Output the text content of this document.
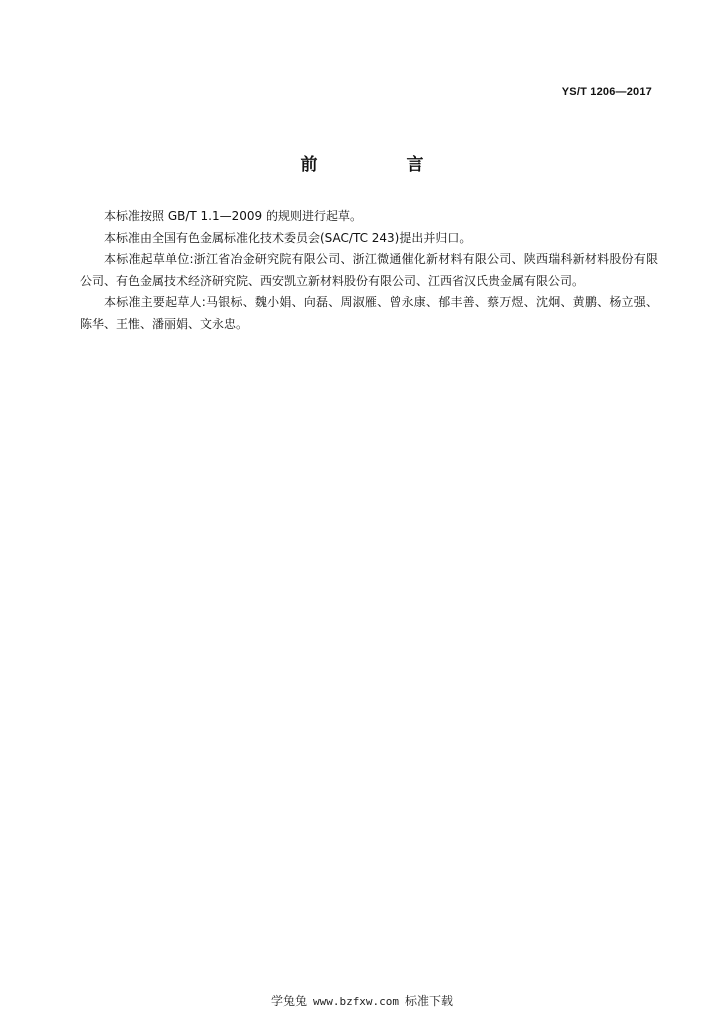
YS/T 1206—2017
前　言

本标准按照 GB/T 1.1—2009 的规则进行起草。

本标准由全国有色金属标准化技术委员会(SAC/TC 243)提出并归口。

本标准起草单位:浙江省冶金研究院有限公司、浙江微通催化新材料有限公司、陕西瑞科新材料股份有限公司、有色金属技术经济研究院、西安凯立新材料股份有限公司、江西省汉氏贵金属有限公司。

本标准主要起草人:马银标、魏小娟、向磊、周淑雁、曾永康、郁丰善、蔡万煜、沈炯、黄鹏、杨立强、陈华、王惟、潘丽娟、文永忠。

学兔兔 www.bzfxw.com 标准下载
